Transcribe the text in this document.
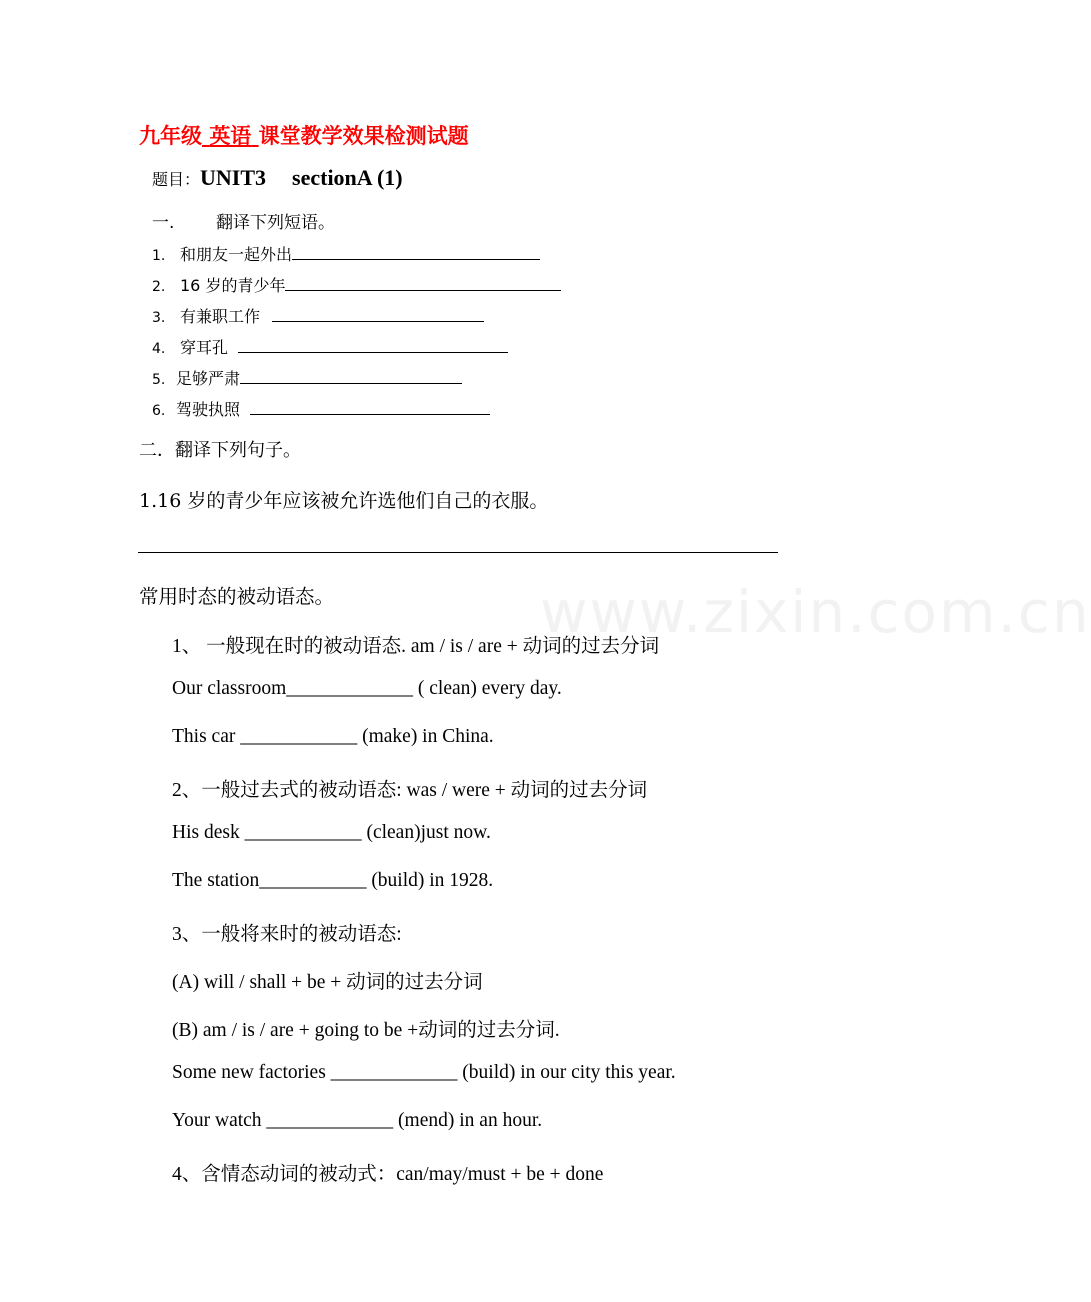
www.zixin.com.cn
九年级 英语 课堂教学效果检测试题
题目：UNIT3 sectionA (1)
一. 翻译下列短语。
1. 和朋友一起外出
2. 16 岁的青少年
3. 有兼职工作
4. 穿耳孔
5. 足够严肃
6. 驾驶执照
二．翻译下列句子。
1.16 岁的青少年应该被允许选他们自己的衣服。
常用时态的被动语态。
1、 一般现在时的被动语态. am / is / are + 动词的过去分词
Our classroom_____________ ( clean) every day.
This car ____________ (make) in China.
2、一般过去式的被动语态: was / were + 动词的过去分词
His desk ____________ (clean)just now.
The station___________ (build) in 1928.
3、一般将来时的被动语态:
(A) will / shall + be + 动词的过去分词
(B) am / is / are + going to be +动词的过去分词.
Some new factories _____________ (build) in our city this year.
Your watch _____________ (mend) in an hour.
4、含情态动词的被动式：can/may/must + be + done
